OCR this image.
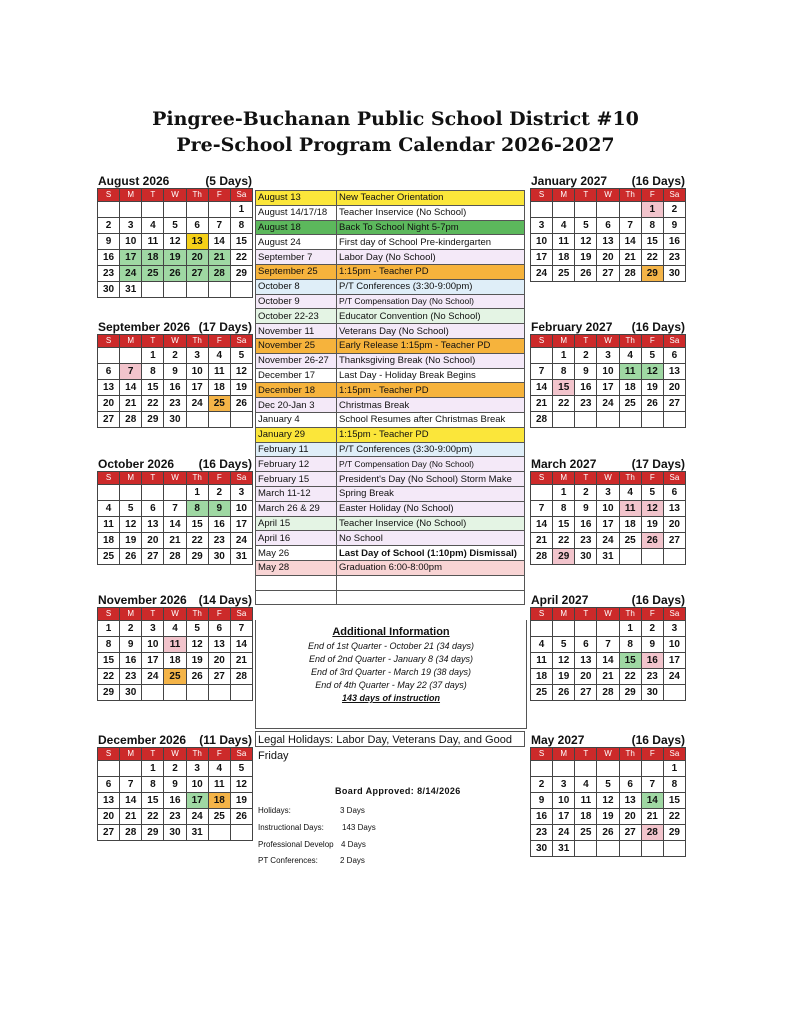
Pingree-Buchanan Public School District #10
Pre-School Program Calendar 2026-2027
August 2026	(5 Days)
S	M	T	W	Th	F	Sa
						1
2	3	4	5	6	7	8
9	10	11	12	13	14	15
16	17	18	19	20	21	22
23	24	25	26	27	28	29
30	31					
September 2026 (17 Days)
S	M	T	W	Th	F	Sa
		1	2	3	4	5
6	7	8	9	10	11	12
13	14	15	16	17	18	19
20	21	22	23	24	25	26
27	28	29	30			
October 2026 (16 Days)
S	M	T	W	Th	F	Sa
				1	2	3
4	5	6	7	8	9	10
11	12	13	14	15	16	17
18	19	20	21	22	23	24
25	26	27	28	29	30	31
November 2026 (14 Days)
S	M	T	W	Th	F	Sa
1	2	3	4	5	6	7
8	9	10	11	12	13	14
15	16	17	18	19	20	21
22	23	24	25	26	27	28
29	30					
December 2026 (11 Days)
S	M	T	W	Th	F	Sa
		1	2	3	4	5
6	7	8	9	10	11	12
13	14	15	16	17	18	19
20	21	22	23	24	25	26
27	28	29	30	31		
January 2027 (16 Days)
S	M	T	W	Th	F	Sa
					1	2
3	4	5	6	7	8	9
10	11	12	13	14	15	16
17	18	19	20	21	22	23
24	25	26	27	28	29	30
February 2027 (16 Days)
S	M	T	W	Th	F	Sa
	1	2	3	4	5	6
7	8	9	10	11	12	13
14	15	16	17	18	19	20
21	22	23	24	25	26	27
28						
March 2027	(17 Days)
S	M	T	W	Th	F	Sa
	1	2	3	4	5	6
7	8	9	10	11	12	13
14	15	16	17	18	19	20
21	22	23	24	25	26	27
28	29	30	31			
April 2027	(16 Days)
S	M	T	W	Th	F	Sa
				1	2	3
4	5	6	7	8	9	10
11	12	13	14	15	16	17
18	19	20	21	22	23	24
25	26	27	28	29	30	
May 2027	(16 Days)
S	M	T	W	Th	F	Sa
						1
2	3	4	5	6	7	8
9	10	11	12	13	14	15
16	17	18	19	20	21	22
23	24	25	26	27	28	29
30	31					
August 13	New Teacher Orientation
August 14/17/18	Teacher Inservice (No School)
August 18	Back To School Night 5-7pm
August 24	First day of School Pre-kindergarten
September 7	Labor Day (No School)
September 25	1:15pm - Teacher PD
October 8	P/T Conferences (3:30-9:00pm)
October 9	P/T Compensation Day (No School)
October 22-23	Educator Convention (No School)
November 11	Veterans Day (No School)
November 25	Early Release 1:15pm - Teacher PD
November 26-27	Thanksgiving Break (No School)
December 17	Last Day - Holiday Break Begins
December 18	1:15pm - Teacher PD
Dec 20-Jan 3	Christmas Break
January 4	School Resumes after Christmas Break
January 29	1:15pm - Teacher PD
February 11	P/T Conferences (3:30-9:00pm)
February 12	P/T Compensation Day (No School)
February 15	President's Day (No School) Storm Make
March 11-12	Spring Break
March 26 & 29	Easter Holiday (No School)
April 15	Teacher Inservice (No School)
April 16	No School
May 26	Last Day of School (1:10pm) Dismissal)
May 28	Graduation 6:00-8:00pm

Additional Information
End of 1st Quarter - October 21 (34 days)
End of 2nd Quarter - January 8 (34 days)
End of 3rd Quarter - March 19 (38 days)
End of 4th Quarter - May 22 (37 days)
143 days of instruction
Legal Holidays: Labor Day, Veterans Day, and Good Friday
Board Approved: 8/14/2026
Holidays:	3 Days
Instructional Days: 143 Days
Professional Develop 4 Days
PT Conferences:	2 Days
